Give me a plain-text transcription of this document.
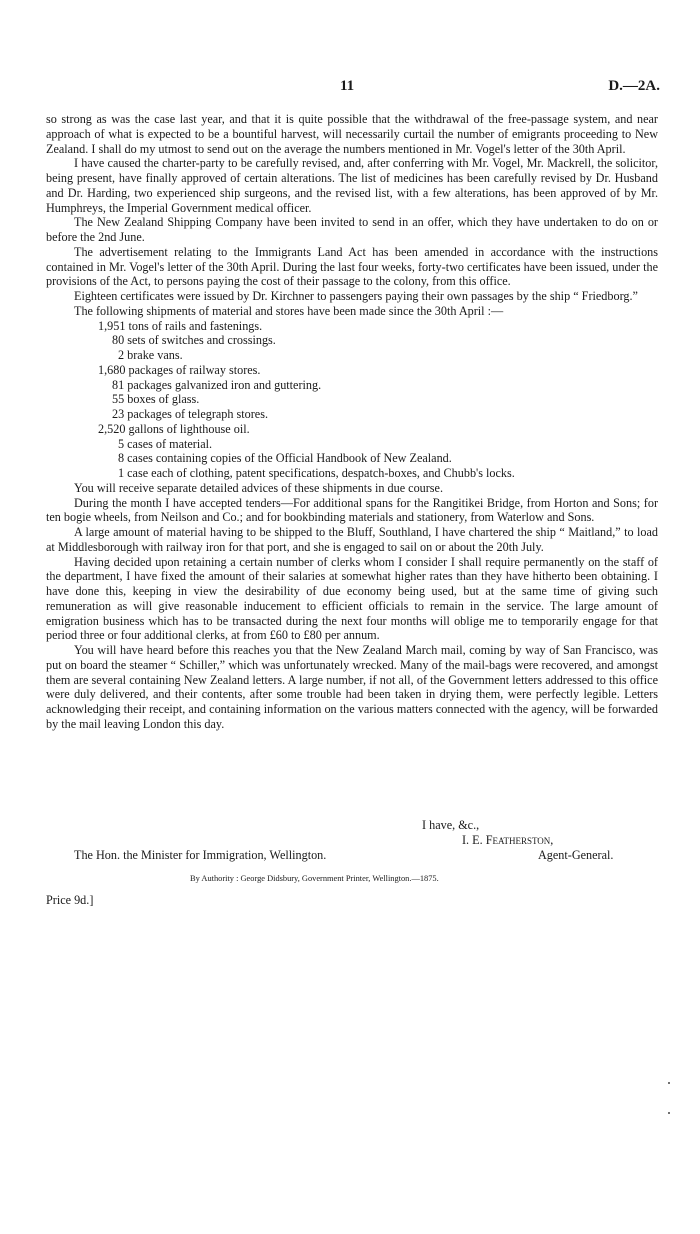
11	D.—2A.

so strong as was the case last year, and that it is quite possible that the withdrawal of the free-passage system, and near approach of what is expected to be a bountiful harvest, will necessarily curtail the number of emigrants proceeding to New Zealand. I shall do my utmost to send out on the average the numbers mentioned in Mr. Vogel's letter of the 30th April.

I have caused the charter-party to be carefully revised, and, after conferring with Mr. Vogel, Mr. Mackrell, the solicitor, being present, have finally approved of certain alterations. The list of medicines has been carefully revised by Dr. Husband and Dr. Harding, two experienced ship surgeons, and the revised list, with a few alterations, has been approved of by Mr. Humphreys, the Imperial Government medical officer.

The New Zealand Shipping Company have been invited to send in an offer, which they have undertaken to do on or before the 2nd June.

The advertisement relating to the Immigrants Land Act has been amended in accordance with the instructions contained in Mr. Vogel's letter of the 30th April. During the last four weeks, forty-two certificates have been issued, under the provisions of the Act, to persons paying the cost of their passage to the colony, from this office.

Eighteen certificates were issued by Dr. Kirchner to passengers paying their own passages by the ship “ Friedborg.”

The following shipments of material and stores have been made since the 30th April :—

1,951 tons of rails and fastenings.
80 sets of switches and crossings.
2 brake vans.
1,680 packages of railway stores.
81 packages galvanized iron and guttering.
55 boxes of glass.
23 packages of telegraph stores.
2,520 gallons of lighthouse oil.
5 cases of material.
8 cases containing copies of the Official Handbook of New Zealand.
1 case each of clothing, patent specifications, despatch-boxes, and Chubb's locks.

You will receive separate detailed advices of these shipments in due course.

During the month I have accepted tenders—For additional spans for the Rangitikei Bridge, from Horton and Sons; for ten bogie wheels, from Neilson and Co.; and for bookbinding materials and stationery, from Waterlow and Sons.

A large amount of material having to be shipped to the Bluff, Southland, I have chartered the ship “ Maitland,” to load at Middlesborough with railway iron for that port, and she is engaged to sail on or about the 20th July.

Having decided upon retaining a certain number of clerks whom I consider I shall require permanently on the staff of the department, I have fixed the amount of their salaries at somewhat higher rates than they have hitherto been obtaining. I have done this, keeping in view the desirability of due economy being used, but at the same time of giving such remuneration as will give reasonable inducement to efficient officials to remain in the service. The large amount of emigration business which has to be transacted during the next four months will oblige me to temporarily engage for that period three or four additional clerks, at from £60 to £80 per annum.

You will have heard before this reaches you that the New Zealand March mail, coming by way of San Francisco, was put on board the steamer “ Schiller,” which was unfortunately wrecked. Many of the mail-bags were recovered, and amongst them are several containing New Zealand letters. A large number, if not all, of the Government letters addressed to this office were duly delivered, and their contents, after some trouble had been taken in drying them, were perfectly legible. Letters acknowledging their receipt, and containing information on the various matters connected with the agency, will be forwarded by the mail leaving London this day.

I have, &c.,
I. E. Featherston,
The Hon. the Minister for Immigration, Wellington.	Agent-General.
By Authority : George Didsbury, Government Printer, Wellington.—1875.
Price 9d.]
